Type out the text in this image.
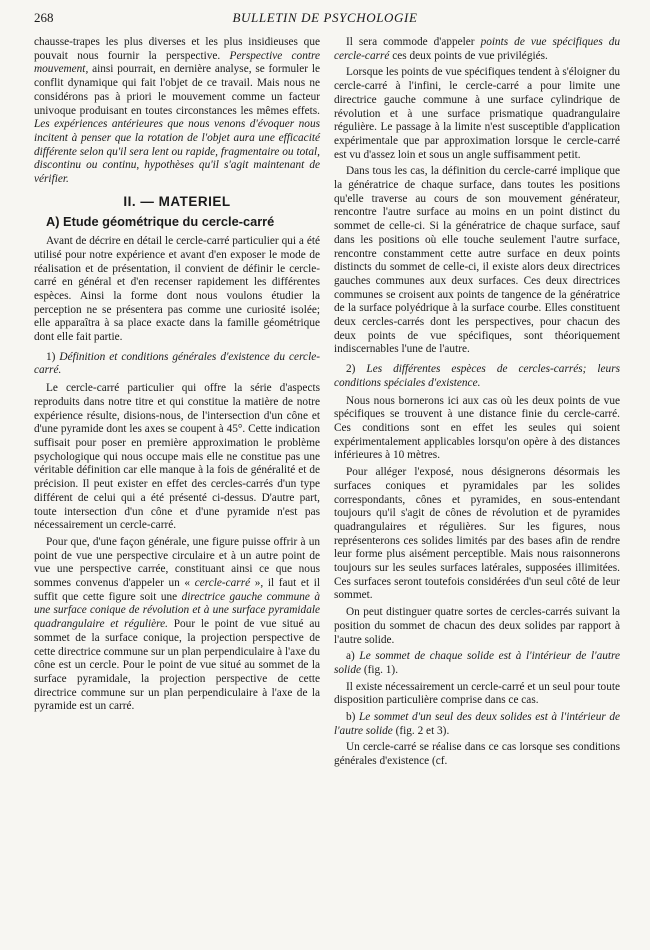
268	BULLETIN DE PSYCHOLOGIE

chausse-trapes les plus diverses et les plus insidieuses que pouvait nous fournir la perspective. Perspective contre mouvement, ainsi pourrait, en dernière analyse, se formuler le conflit dynamique qui fait l'objet de ce travail. Mais nous ne considérons pas à priori le mouvement comme un facteur univoque produisant en toutes circonstances les mêmes effets. Les expériences antérieures que nous venons d'évoquer nous incitent à penser que la rotation de l'objet aura une efficacité différente selon qu'il sera lent ou rapide, fragmentaire ou total, discontinu ou continu, hypothèses qu'il s'agit maintenant de vérifier.

II. — MATERIEL
A) Etude géométrique du cercle-carré

Avant de décrire en détail le cercle-carré particulier qui a été utilisé pour notre expérience et avant d'en exposer le mode de réalisation et de présentation, il convient de définir le cercle-carré en général et d'en recenser rapidement les différentes espèces. Ainsi la forme dont nous voulons étudier la perception ne se présentera pas comme une curiosité isolée; elle apparaîtra à sa place exacte dans la famille géométrique dont elle fait partie.

1) Définition et conditions générales d'existence du cercle-carré.

Le cercle-carré particulier qui offre la série d'aspects reproduits dans notre titre et qui constitue la matière de notre expérience résulte, disions-nous, de l'intersection d'un cône et d'une pyramide dont les axes se coupent à 45°. Cette indication suffisait pour poser en première approximation le problème psychologique qui nous occupe mais elle ne constitue pas une véritable définition car elle manque à la fois de généralité et de précision. Il peut exister en effet des cercles-carrés d'un type différent de celui qui a été présenté ci-dessus. D'autre part, toute intersection d'un cône et d'une pyramide n'est pas nécessairement un cercle-carré.

Pour que, d'une façon générale, une figure puisse offrir à un point de vue une perspective circulaire et à un autre point de vue une perspective carrée, constituant ainsi ce que nous sommes convenus d'appeler un « cercle-carré », il faut et il suffit que cette figure soit une directrice gauche commune à une surface conique de révolution et à une surface pyramidale quadrangulaire et régulière. Pour le point de vue situé au sommet de la surface conique, la projection perspective de cette directrice commune sur un plan perpendiculaire à l'axe du cône est un cercle. Pour le point de vue situé au sommet de la surface pyramidale, la projection perspective de cette directrice commune sur un plan perpendiculaire à l'axe de la pyramide est un carré.

Il sera commode d'appeler points de vue spécifiques du cercle-carré ces deux points de vue privilégiés.

Lorsque les points de vue spécifiques tendent à s'éloigner du cercle-carré à l'infini, le cercle-carré a pour limite une directrice gauche commune à une surface cylindrique de révolution et à une surface prismatique quadrangulaire régulière. Le passage à la limite n'est susceptible d'application expérimentale que par approximation lorsque le cercle-carré est vu d'assez loin et sous un angle suffisamment petit.

Dans tous les cas, la définition du cercle-carré implique que la génératrice de chaque surface, dans toutes les positions qu'elle traverse au cours de son mouvement générateur, rencontre l'autre surface au moins en un point distinct du sommet de celle-ci. Si la génératrice de chaque surface, sauf dans les positions où elle touche seulement l'autre surface, rencontre constamment cette autre surface en deux points distincts du sommet de celle-ci, il existe alors deux directrices gauches communes aux deux surfaces. Ces deux directrices communes se croisent aux points de tangence de la génératrice de la surface polyédrique à la surface courbe. Elles constituent deux cercles-carrés dont les perspectives, pour chacun des deux points de vue spécifiques, sont théoriquement indiscernables l'une de l'autre.

2) Les différentes espèces de cercles-carrés; leurs conditions spéciales d'existence.

Nous nous bornerons ici aux cas où les deux points de vue spécifiques se trouvent à une distance finie du cercle-carré. Ces conditions sont en effet les seules qui soient expérimentalement applicables lorsqu'on opère à des distances inférieures à 10 mètres.

Pour alléger l'exposé, nous désignerons désormais les surfaces coniques et pyramidales par les solides correspondants, cônes et pyramides, en sous-entendant toujours qu'il s'agit de cônes de révolution et de pyramides quadrangulaires et régulières. Sur les figures, nous représenterons ces solides limités par des bases afin de rendre leur forme plus aisément perceptible. Mais nous raisonnerons toujours sur les seules surfaces latérales, supposées illimitées. Ces surfaces seront toutefois considérées d'un seul côté de leur sommet.

On peut distinguer quatre sortes de cercles-carrés suivant la position du sommet de chacun des deux solides par rapport à l'autre solide.

a) Le sommet de chaque solide est à l'intérieur de l'autre solide (fig. 1).

Il existe nécessairement un cercle-carré et un seul pour toute disposition particulière comprise dans ce cas.

b) Le sommet d'un seul des deux solides est à l'intérieur de l'autre solide (fig. 2 et 3).

Un cercle-carré se réalise dans ce cas lorsque ses conditions générales d'existence (cf.
